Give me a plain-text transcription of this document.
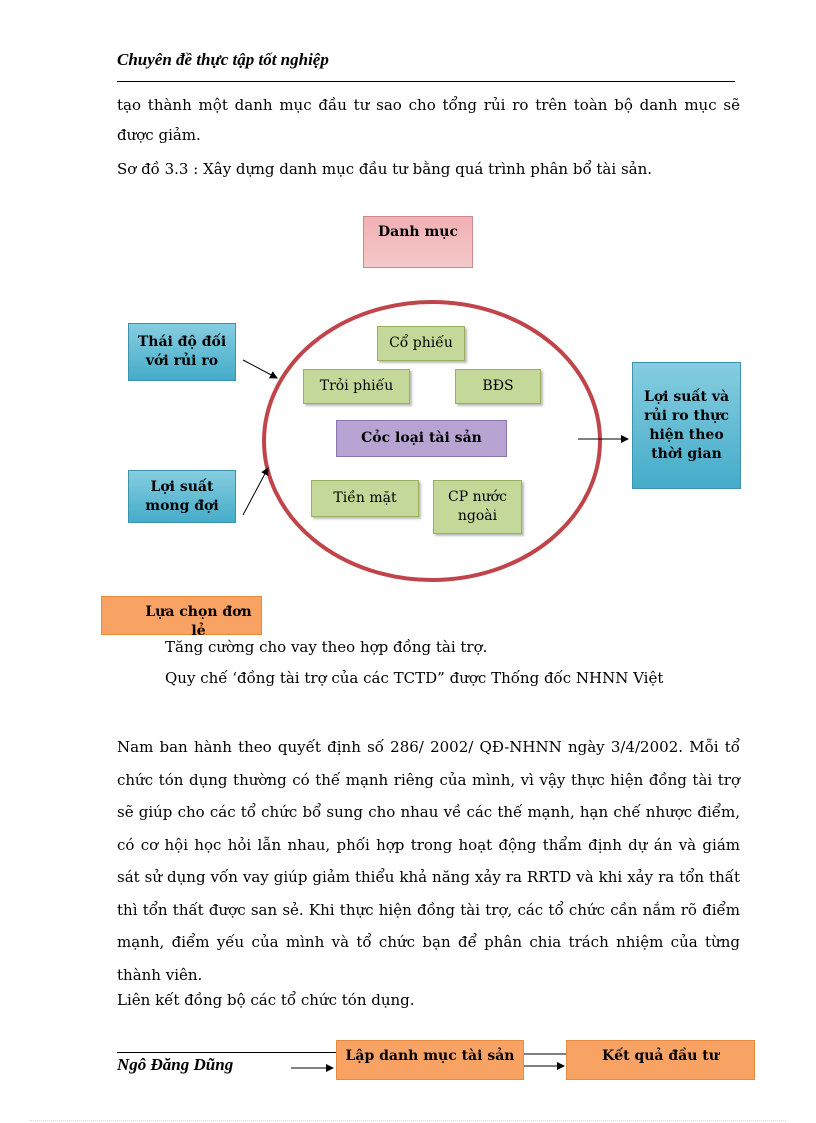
Chuyên đề thực tập tốt nghiệp
tạo thành một danh mục đầu tư sao cho tổng rủi ro trên toàn bộ danh mục sẽ được giảm.
Sơ đồ 3.3 : Xây dựng danh mục đầu tư bằng quá trình phân bổ tài sản.
Danh mục
Thái độ đối với rủi ro
Lợi suất mong đợi
Cổ phiếu
Trỏi phiếu	BĐS
Cỏc loại tài sản
Tiền mặt	CP nước ngoài
Lợi suất và rủi ro thực hiện theo thời gian
Lựa chọn đơn lẻ
Tăng cường cho vay theo hợp đồng tài trợ.
Quy chế ‘đồng tài trợ của các TCTD” được Thống đốc NHNN Việt
Nam ban hành theo quyết định số 286/ 2002/ QĐ-NHNN ngày 3/4/2002. Mỗi tổ chức tón dụng thường có thế mạnh riêng của mình, vì vậy thực hiện đồng tài trợ sẽ giúp cho các tổ chức bổ sung cho nhau về các thế mạnh, hạn chế nhược điểm, có cơ hội học hỏi lẫn nhau, phối hợp trong hoạt động thẩm định dự án và giám sát sử dụng vốn vay giúp giảm thiểu khả năng xảy ra RRTD và khi xảy ra tổn thất thì tổn thất được san sẻ. Khi thực hiện đồng tài trợ, các tổ chức cần nắm rõ điểm mạnh, điểm yếu của mình và tổ chức bạn để phân chia trách nhiệm của từng thành viên.
Liên kết đồng bộ các tổ chức tón dụng.
Ngô Đăng Dũng	Lập danh mục tài sản	Kết quả đầu tư
